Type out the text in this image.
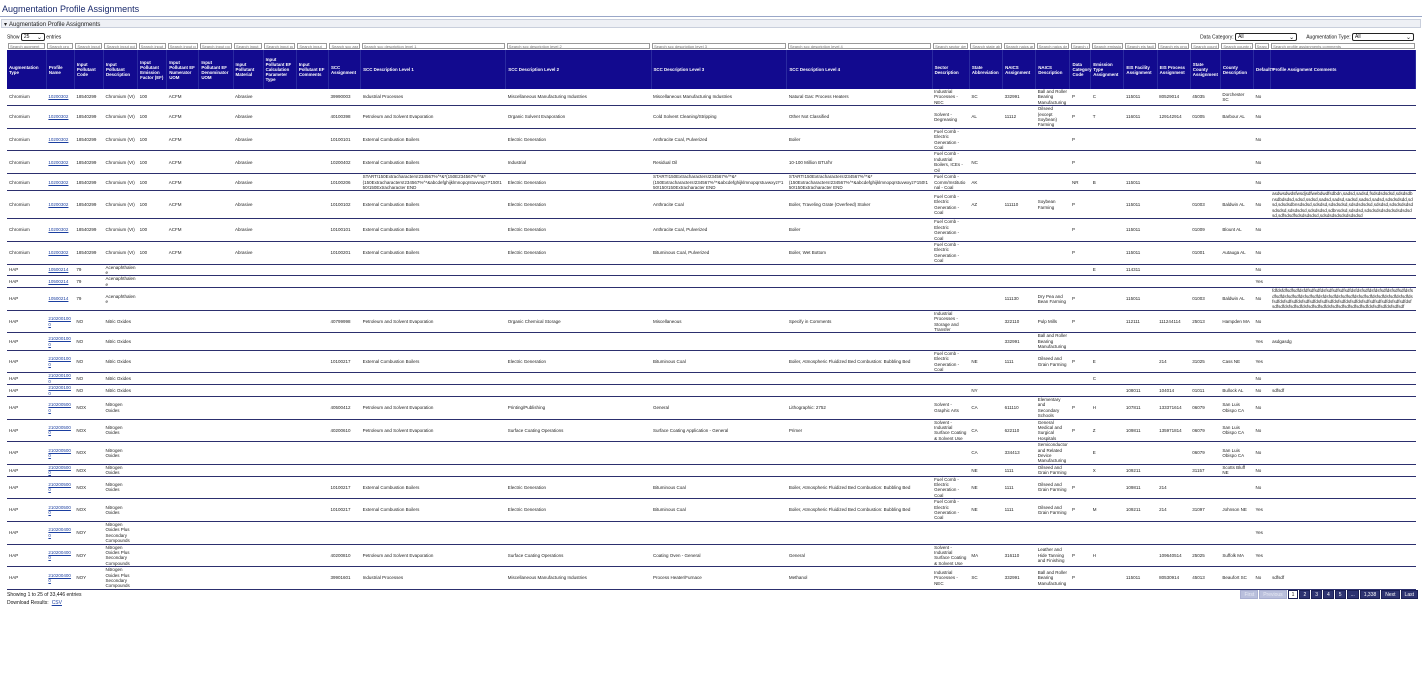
Augmentation Profile Assignments
▾ Augmentation Profile Assignments
Show 25 ⌄ entries	Data Category: All	⌄ Augmentation Type: All	⌄
Search augment	Search pro	Search input pol	Search input pol	Search input	Search input pol	Search input pol	Search input	Search input pol	Search input	Search scc assi	Search scc description level 1	Search scc description level 2	Search scc description level 3	Search scc description level 4	Search sector des	Search state abb	Search naics as	Search naics de	Search data	Search emission	Search eis facili	Search eis proce	Search county	Search county d	Search defa	Search profile assignments comments
Augmentation Type	Profile Name	Input Pollutant Code	Input Pollutant Description	Input Pollutant Emission Factor (EF)	Input Pollutant EF Numerator UOM	Input Pollutant EF Denominator UOM	Input Pollutant Material	Input Pollutant EF Calculation Parameter Type	Input Pollutant EF Comments	SCC Assignment	SCC Description Level 1	SCC Description Level 2	SCC Description Level 3	SCC Description Level 4	Sector Description	State Abbreviation	NAICS Assignment	NAICS Description	Data Category Code	Emission Type Assignment	EIS Facility Assignment	EIS Process Assignment	State County Assignment	County Description	Default?	Profile Assignment Comments
Chromium	10200302	18540299	Chromium (VI)	100	ACFM		Abrasive			39990003	Industrial Processes	Miscellaneous Manufacturing Industries	Miscellaneous Manufacturing Industries	Natural Gas: Process Heaters	Industrial Processes - NEC	SC	332991	Ball and Roller Bearing Manufacturing	P	C	115011	80529014	45035	Dorchester SC	No	
Chromium	10200302	18540299	Chromium (VI)	100	ACFM		Abrasive			40100398	Petroleum and Solvent Evaporation	Organic Solvent Evaporation	Cold Solvent Cleaning/Stripping	Other Not Classified	Solvent - Degreasing	AL	11112	Oilseed (except Soybean) Farming	P	T	116011	129142914	01005	Barbour AL	No	
Chromium	10200302	18540299	Chromium (VI)	100	ACFM		Abrasive			10100101	External Combustion Boilers	Electric Generation	Anthracite Coal, Pulverized	Boiler	Fuel Comb - Electric Generation - Coal				P						No	
Chromium	10200302	18540299	Chromium (VI)	100	ACFM		Abrasive			10200402	External Combustion Boilers	Industrial	Residual Oil	10-100 Million BTU/hr	Fuel Comb - Industrial Boilers, ICEs - Oil	NC			P						No	
Chromium	10200302	18540299	Chromium (VI)	100	ACFM		Abrasive			10100206	START!150Extracharacters!234567%^*&*(150E234567%^*&*(150Extracharacters!234567%^*&abcdefghijklmnopqrstuvwxyz!*150!150!150Extracharacter END	Electric Generation	START!150Extracharacters!234567%^*&*(150Extracharacters!234567%^*&abcdefghijklmnopqrstuvwxyz!*150!150!150Extracharacter END	START!150Extracharacters!234567%^*&*(150Extracharacters!234567%^*&abcdefghijklmnopqrstuvwxyz!*150!150!150Extracharacter END	Fuel Comb - Comm/Institutional - Coal	AK			NR	B	115011				No	
Chromium	10200302	18540299	Chromium (VI)	100	ACFM		Abrasive			10100102	External Combustion Boilers	Electric Generation	Anthracite Coal	Boiler, Traveling Grate (Overfeed) Stoker	Fuel Comb - Electric Generation - Coal	AZ	111110	Soybean Farming	P		115011		01003	Baldwin AL	No	asdwsdwdsfwsdjsdfwebdwdfsdbdn,sadsd,sadsd,fsdsdsdsdsd,sdsdsdbnsdbdsdsd,sdsd,ssdsd,sadsd,sadsd,sadsd,sadsd,sadsd,sdsdsdsdd,sdsd,sdsdsdbnsdsdsd,sdsdsd,sdsdsdsd,sdsdsdsdsd,sdsdsd,sdsdsdsdsdsdsdsd,sdsdsdsd,sdsdsdsd,sdbnsdsd,sdsdsd,sdsdsdsdsdsdsdsdsdsdsd,sdfsdsdfsdsdsdsdsd,sdsdsdsdsdsdsdsdsd
Chromium	10200302	18540299	Chromium (VI)	100	ACFM		Abrasive			10100101	External Combustion Boilers	Electric Generation	Anthracite Coal, Pulverized	Boiler	Fuel Comb - Electric Generation - Coal				P		115011		01009	Blount AL	No	
Chromium	10200302	18540299	Chromium (VI)	100	ACFM		Abrasive			10100201	External Combustion Boilers	Electric Generation	Bituminous Coal, Pulverized	Boiler, Wet Bottom	Fuel Comb - Electric Generation - Coal				P		115011		01001	Autauga AL	No	
HAP	10500214	79	Acenaphthalene																	E	114311				No	
HAP	10500214	79	Acenaphthalene																						Yes	
HAP	10500214	79	Acenaphthalene														111130	Dry Pea and Bean Farming	P		115011		01003	Baldwin AL	No	fdfdsfdfsdfsdfdsfdfsdfsdfdsfsdfsdfsdfsdfdsfdsfsdfdsfdsfsdfdsfsdfsdfdsfsdfsdfdsfsdfsdfdsfsdfsdfdsfdsfsdfdsfsdfsdfdsfsdfsdfdsfsdfdsfsdfdsfsdfdsfsdfdsfsdfsdfdsfsdfsdfdsfsdfsdfdsfsdfdsfsdfdsfsdfsdfsdfsdfdsfsdfsdfdsfsdfsdfdsfsdfsdfdsfsdfsdfsdfdsfsdfsdfsdfsdfsdfsdfdsfsdfsdfdsfsdfsdf
HAP	2102001000	NO	Nitric Oxides							40799998	Petroleum and Solvent Evaporation	Organic Chemical Storage	Miscellaneous	Specify in Comments	Industrial Processes - Storage and Transfer		322110	Pulp Mills	P		112111	111244114	25013	Hampden MA	No	
HAP	2102001000	NO	Nitric Oxides														332991	Ball and Roller Bearing Manufacturing							Yes	asdgasdg
HAP	2102001000	NO	Nitric Oxides							10100217	External Combustion Boilers	Electric Generation	Bituminous Coal	Boiler, Atmospheric Fluidized Bed Combustion: Bubbling Bed	Fuel Comb - Electric Generation - Coal	NE	1111	Oilseed and Grain Farming	P	E		214	31025	Cass NE	Yes	
HAP	2102001000	NO	Nitric Oxides																	C					No	
HAP	2102001000	NO	Nitric Oxides													NY					108011	104014	01011	Bullock AL	No	sdfsdf
HAP	2102005000	NOX	Nitrogen Oxides							40500412	Petroleum and Solvent Evaporation	Printing/Publishing	General	Lithographic: 2752	Solvent - Graphic Arts	CA	611110	Elementary and Secondary Schools	P	H	107811	133371614	06079	San Luis Obispo CA	No	
HAP	2102005000	NOX	Nitrogen Oxides							40200610	Petroleum and Solvent Evaporation	Surface Coating Operations	Surface Coating Application - General	Primer	Solvent - Industrial Surface Coating & Solvent Use	CA	622110	General Medical and Surgical Hospitals	P	Z	109811	135971814	06079	San Luis Obispo CA	No	
HAP	2102005000	NOX	Nitrogen Oxides													CA	334413	Semiconductor and Related Device Manufacturing		E			06079	San Luis Obispo CA	No	
HAP	2102005000	NOX	Nitrogen Oxides													NE	1111	Oilseed and Grain Farming		X	109211		31157	Scotts Bluff NE	No	
HAP	2102005000	NOX	Nitrogen Oxides							10100217	External Combustion Boilers	Electric Generation	Bituminous Coal	Boiler, Atmospheric Fluidized Bed Combustion: Bubbling Bed	Fuel Comb - Electric Generation - Coal	NE	1111	Oilseed and Grain Farming	P		109811	214			No	
HAP	2102005000	NOX	Nitrogen Oxides							10100217	External Combustion Boilers	Electric Generation	Bituminous Coal	Boiler, Atmospheric Fluidized Bed Combustion: Bubbling Bed	Fuel Comb - Electric Generation - Coal	NE	1111	Oilseed and Grain Farming	P	M	109211	214	31097	Johnson NE	Yes	
HAP	2102004000	NOY	Nitrogen Oxides Plus Secondary Compounds																						Yes	
HAP	2102004000	NOY	Nitrogen Oxides Plus Secondary Compounds							40200810	Petroleum and Solvent Evaporation	Surface Coating Operations	Coating Oven - General	General	Solvent - Industrial Surface Coating & Solvent Use	MA	316110	Leather and Hide Tanning and Finishing	P	H		109640514	25025	Suffolk MA	Yes	
HAP	2102004000	NOY	Nitrogen Oxides Plus Secondary Compounds							39901601	Industrial Processes	Miscellaneous Manufacturing Industries	Process Heater/Furnace	Methanol	Industrial Processes - NEC	SC	332991	Ball and Roller Bearing Manufacturing	P		115011	80530914	45013	Beaufort SC	No	sdfsdf
Showing 1 to 25 of 33,446 entries
Download Results: CSV
First	Previous	1	2	3	4	5	...	1,338	Next	Last
